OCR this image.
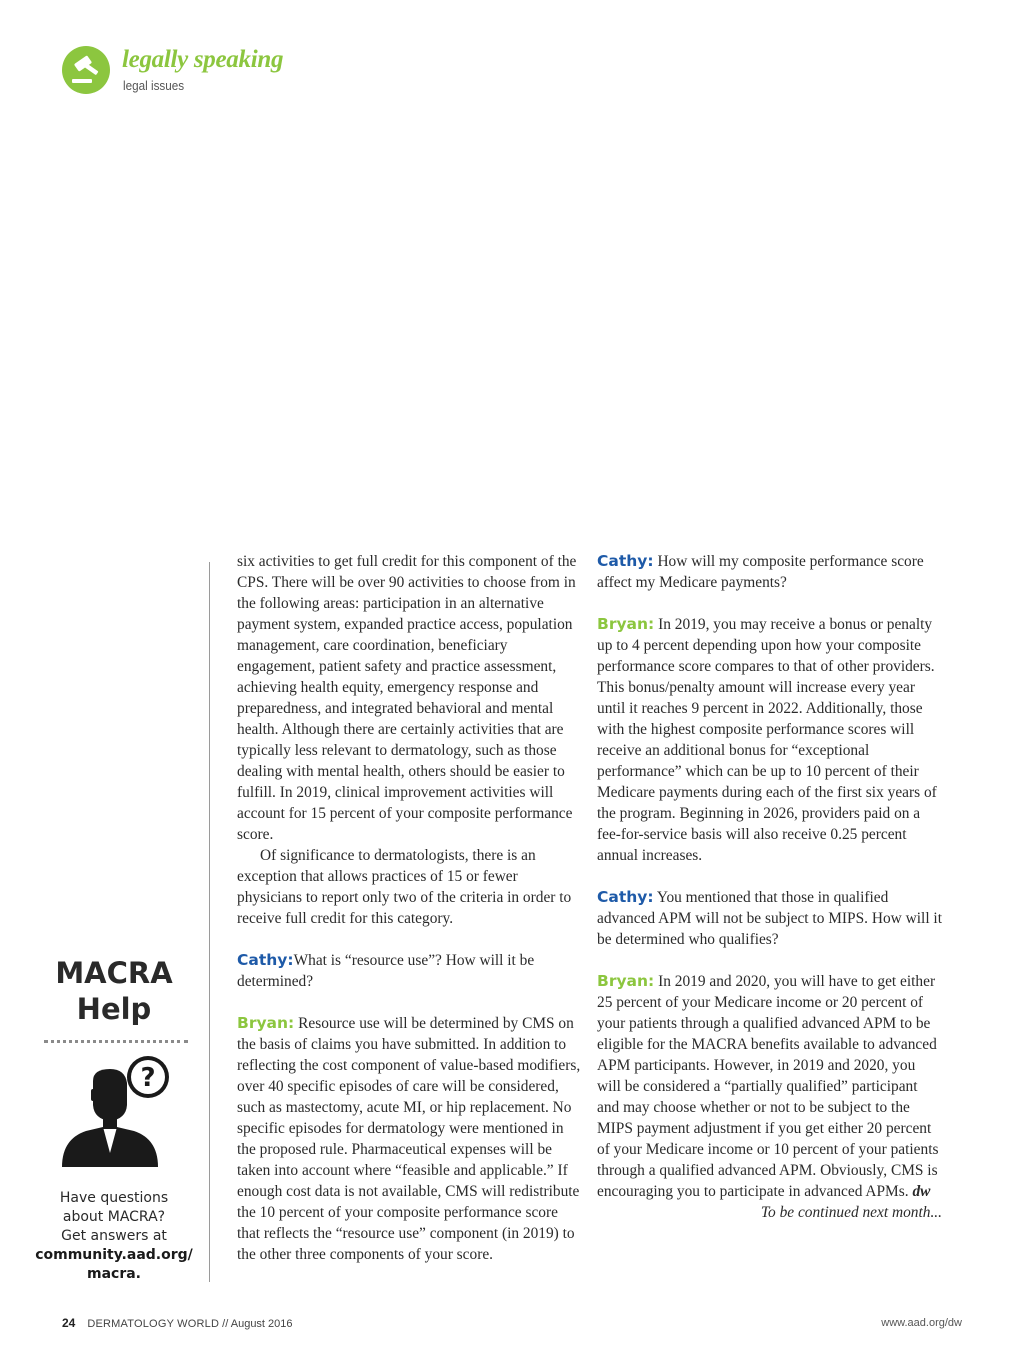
legally speaking
legal issues
MACRA
Help
?
Have questions
about MACRA?
Get answers at
community.aad.org/
macra.

six activities to get full credit for this component of the CPS. There will be over 90 activities to choose from in the following areas: participation in an alternative payment system, expanded practice access, population management, care coordination, beneficiary engagement, patient safety and practice assessment, achieving health equity, emergency response and preparedness, and integrated behavioral and mental health. Although there are certainly activities that are typically less relevant to dermatology, such as those dealing with mental health, others should be easier to fulfill. In 2019, clinical improvement activities will account for 15 percent of your composite performance score.

Of significance to dermatologists, there is an exception that allows practices of 15 or fewer physicians to report only two of the criteria in order to receive full credit for this category.

Cathy:What is “resource use”? How will it be determined?

Bryan: Resource use will be determined by CMS on the basis of claims you have submitted. In addition to reflecting the cost component of value-based modifiers, over 40 specific episodes of care will be considered, such as mastectomy, acute MI, or hip replacement. No specific episodes for dermatology were mentioned in the proposed rule. Pharmaceutical expenses will be taken into account where “feasible and applicable.” If enough cost data is not available, CMS will redistribute the 10 percent of your composite performance score that reflects the “resource use” component (in 2019) to the other three components of your score.

Cathy: How will my composite performance score affect my Medicare payments?

Bryan: In 2019, you may receive a bonus or penalty up to 4 percent depending upon how your composite performance score compares to that of other providers. This bonus/penalty amount will increase every year until it reaches 9 percent in 2022. Additionally, those with the highest composite performance scores will receive an additional bonus for “exceptional performance” which can be up to 10 percent of their Medicare payments during each of the first six years of the program. Beginning in 2026, providers paid on a fee-for-service basis will also receive 0.25 percent annual increases.

Cathy: You mentioned that those in qualified advanced APM will not be subject to MIPS. How will it be determined who qualifies?

Bryan: In 2019 and 2020, you will have to get either 25 percent of your Medicare income or 20 percent of your patients through a qualified advanced APM to be eligible for the MACRA benefits available to advanced APM participants. However, in 2019 and 2020, you will be considered a “partially qualified” participant and may choose whether or not to be subject to the MIPS payment adjustment if you get either 20 percent of your Medicare income or 10 percent of your patients through a qualified advanced APM. Obviously, CMS is encouraging you to participate in advanced APMs. dw

To be continued next month...

24 DERMATOLOGY WORLD // August 2016	www.aad.org/dw
